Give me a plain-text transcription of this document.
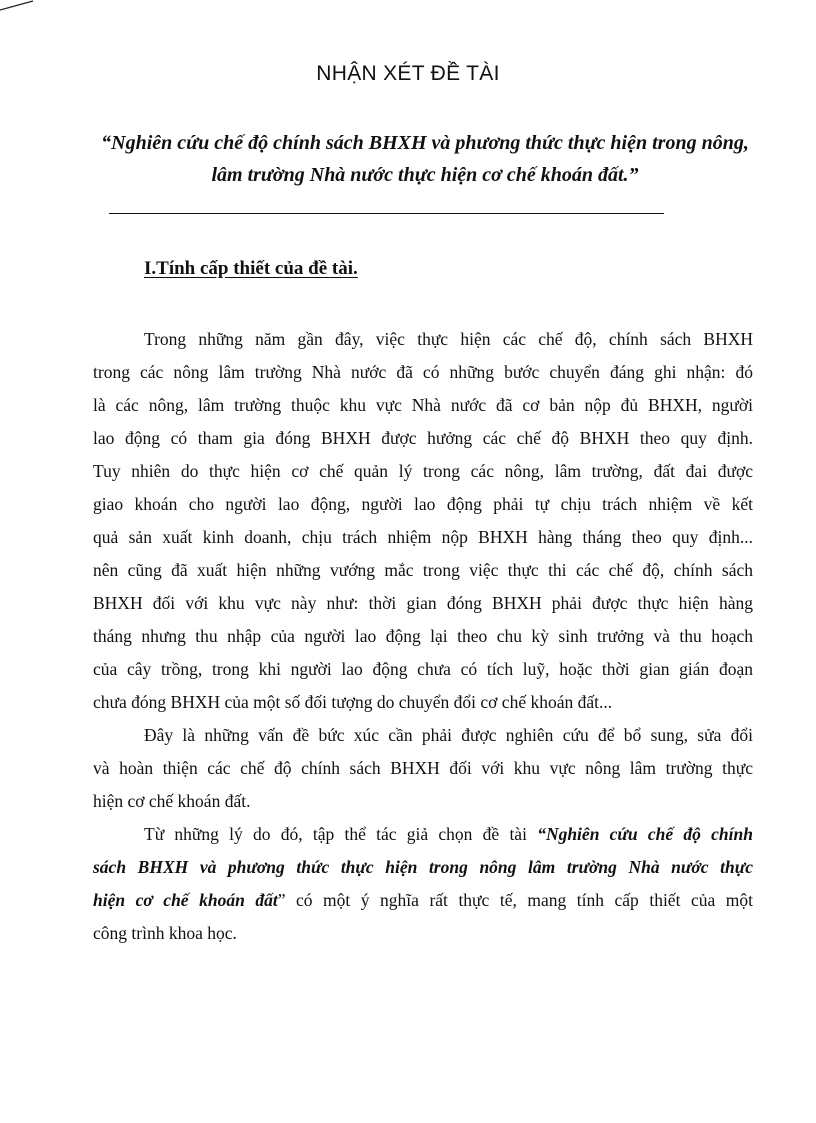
NHẬN XÉT ĐỀ TÀI
“Nghiên cứu chế độ chính sách BHXH và phương thức thực hiện trong nông,
lâm trường Nhà nước thực hiện cơ chế khoán đất.”
I.Tính cấp thiết của đề tài.
Trong những năm gần đây, việc thực hiện các chế độ, chính sách BHXH
trong các nông lâm trường Nhà nước đã có những bước chuyển đáng ghi nhận: đó
là các nông, lâm trường thuộc khu vực Nhà nước đã cơ bản nộp đủ BHXH, người
lao động có tham gia đóng BHXH được hưởng các chế độ BHXH theo quy định.
Tuy nhiên do thực hiện cơ chế quản lý trong các nông, lâm trường, đất đai được
giao khoán cho người lao động, người lao động phải tự chịu trách nhiệm về kết
quả sản xuất kinh doanh, chịu trách nhiệm nộp BHXH hàng tháng theo quy định...
nên cũng đã xuất hiện những vướng mắc trong việc thực thi các chế độ, chính sách
BHXH đối với khu vực này như: thời gian đóng BHXH phải được thực hiện hàng
tháng nhưng thu nhập của người lao động lại theo chu kỳ sinh trưởng và thu hoạch
của cây trồng, trong khi người lao động chưa có tích luỹ, hoặc thời gian gián đoạn
chưa đóng BHXH của một số đối tượng do chuyển đổi cơ chế khoán đất...
Đây là những vấn đề bức xúc cần phải được nghiên cứu để bổ sung, sửa đổi
và hoàn thiện các chế độ chính sách BHXH đối với khu vực nông lâm trường thực
hiện cơ chế khoán đất.
Từ những lý do đó, tập thể tác giả chọn đề tài “Nghiên cứu chế độ chính
sách BHXH và phương thức thực hiện trong nông lâm trường Nhà nước thực
hiện cơ chế khoán đất” có một ý nghĩa rất thực tế, mang tính cấp thiết của một
công trình khoa học.
